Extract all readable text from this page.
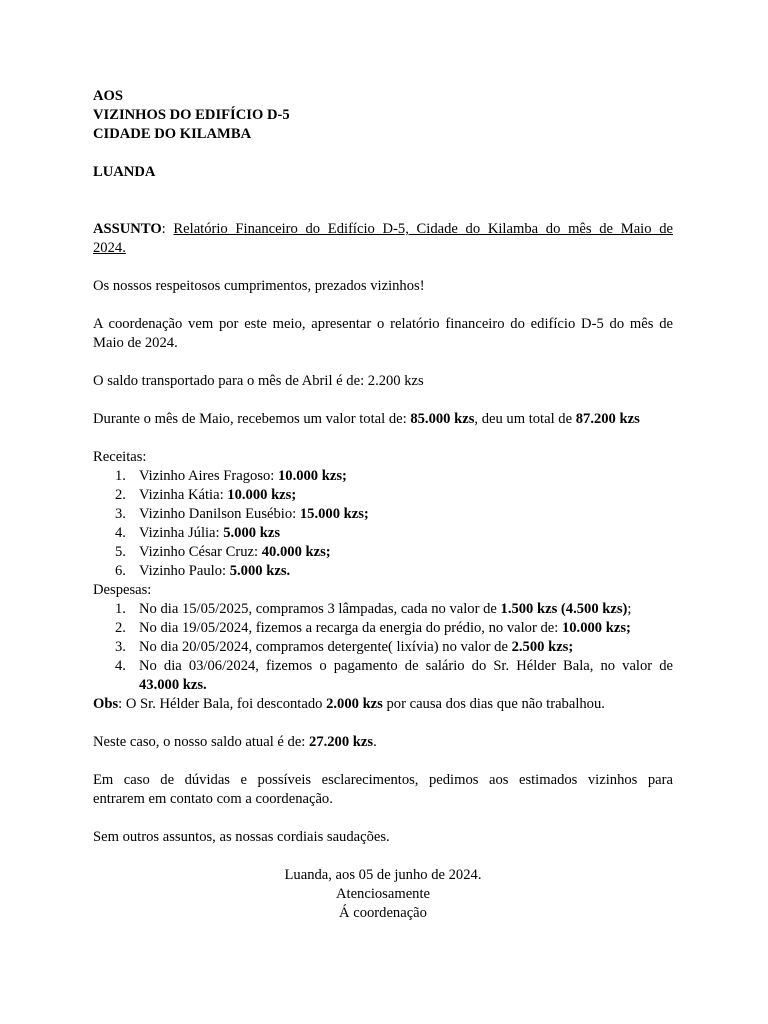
AOS

VIZINHOS DO EDIFÍCIO D-5

CIDADE DO KILAMBA

LUANDA

ASSUNTO: Relatório Financeiro do Edifício D-5, Cidade do Kilamba do mês de Maio de

2024.

Os nossos respeitosos cumprimentos, prezados vizinhos!

A coordenação vem por este meio, apresentar o relatório financeiro do edifício D-5 do mês de

Maio de 2024.

O saldo transportado para o mês de Abril é de: 2.200 kzs

Durante o mês de Maio, recebemos um valor total de: 85.000 kzs, deu um total de 87.200 kzs

Receitas:

1. Vizinho Aires Fragoso: 10.000 kzs;
2. Vizinha Kátia: 10.000 kzs;
3. Vizinho Danilson Eusébio: 15.000 kzs;
4. Vizinha Júlia: 5.000 kzs
5. Vizinho César Cruz: 40.000 kzs;
6. Vizinho Paulo: 5.000 kzs.

Despesas:

1. No dia 15/05/2025, compramos 3 lâmpadas, cada no valor de 1.500 kzs (4.500 kzs);
2. No dia 19/05/2024, fizemos a recarga da energia do prédio, no valor de: 10.000 kzs;
3. No dia 20/05/2024, compramos detergente( lixívia) no valor de 2.500 kzs;
4. No dia 03/06/2024, fizemos o pagamento de salário do Sr. Hélder Bala, no valor de
43.000 kzs.

Obs: O Sr. Hélder Bala, foi descontado 2.000 kzs por causa dos dias que não trabalhou.

Neste caso, o nosso saldo atual é de: 27.200 kzs.

Em caso de dúvidas e possíveis esclarecimentos, pedimos aos estimados vizinhos para

entrarem em contato com a coordenação.

Sem outros assuntos, as nossas cordiais saudações.

Luanda, aos 05 de junho de 2024.

Atenciosamente

Á coordenação
